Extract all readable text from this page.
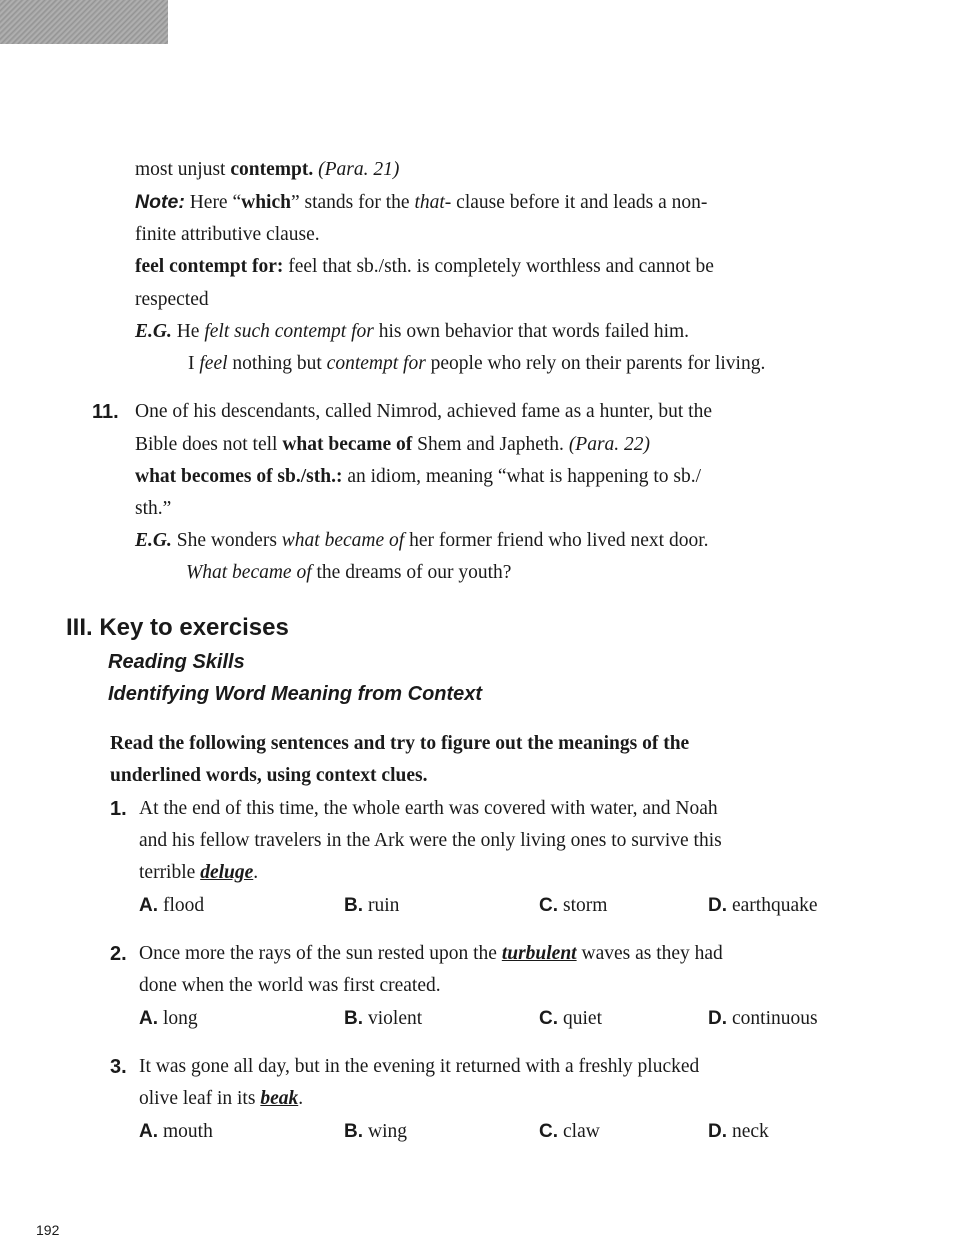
most unjust contempt. (Para. 21)
Note: Here “which” stands for the that- clause before it and leads a non-
finite attributive clause.
feel contempt for: feel that sb./sth. is completely worthless and cannot be
respected
E.G. He felt such contempt for his own behavior that words failed him.
I feel nothing but contempt for people who rely on their parents for living.
11. One of his descendants, called Nimrod, achieved fame as a hunter, but the
Bible does not tell what became of Shem and Japheth. (Para. 22)
what becomes of sb./sth.: an idiom, meaning “what is happening to sb./
sth.”
E.G. She wonders what became of her former friend who lived next door.
What became of the dreams of our youth?
III. Key to exercises
Reading Skills
Identifying Word Meaning from Context
Read the following sentences and try to figure out the meanings of the
underlined words, using context clues.
1. At the end of this time, the whole earth was covered with water, and Noah
and his fellow travelers in the Ark were the only living ones to survive this
terrible deluge.
A. flood	B. ruin	C. storm	D. earthquake
2. Once more the rays of the sun rested upon the turbulent waves as they had
done when the world was first created.
A. long	B. violent	C. quiet	D. continuous
3. It was gone all day, but in the evening it returned with a freshly plucked
olive leaf in its beak.
A. mouth	B. wing	C. claw	D. neck
192
